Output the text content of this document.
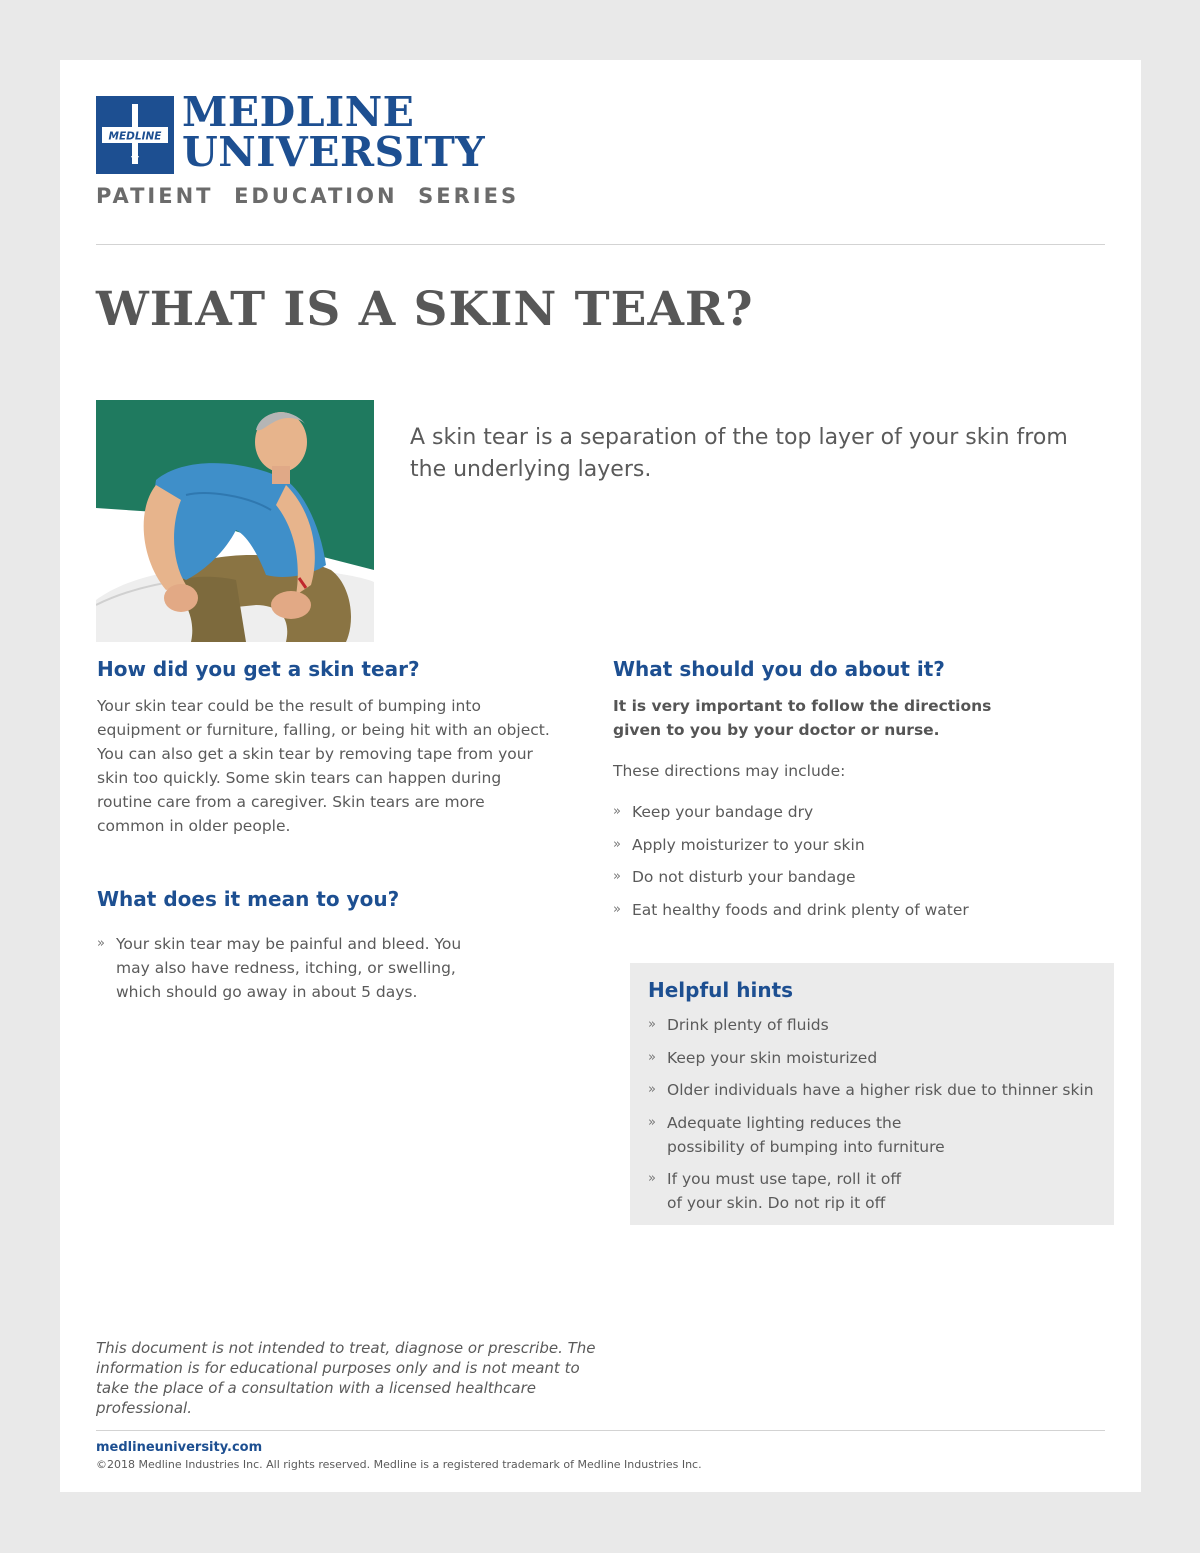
MEDLINE
MEDLINE
UNIVERSITY
PATIENT  EDUCATION  SERIES
WHAT IS A SKIN TEAR?
A skin tear is a separation of the top layer of your skin from the underlying layers.
How did you get a skin tear?
Your skin tear could be the result of bumping into equipment or furniture, falling, or being hit with an object. You can also get a skin tear by removing tape from your skin too quickly. Some skin tears can happen during routine care from a caregiver. Skin tears are more common in older people.
What does it mean to you?
» Your skin tear may be painful and bleed. You may also have redness, itching, or swelling, which should go away in about 5 days.
What should you do about it?
It is very important to follow the directions given to you by your doctor or nurse.
These directions may include:
» Keep your bandage dry
» Apply moisturizer to your skin
» Do not disturb your bandage
» Eat healthy foods and drink plenty of water
Helpful hints
» Drink plenty of fluids
» Keep your skin moisturized
» Older individuals have a higher risk due to thinner skin
» Adequate lighting reduces the possibility of bumping into furniture
» If you must use tape, roll it off of your skin. Do not rip it off
This document is not intended to treat, diagnose or prescribe. The information is for educational purposes only and is not meant to take the place of a consultation with a licensed healthcare professional.
medlineuniversity.com
©2018 Medline Industries Inc. All rights reserved. Medline is a registered trademark of Medline Industries Inc.
